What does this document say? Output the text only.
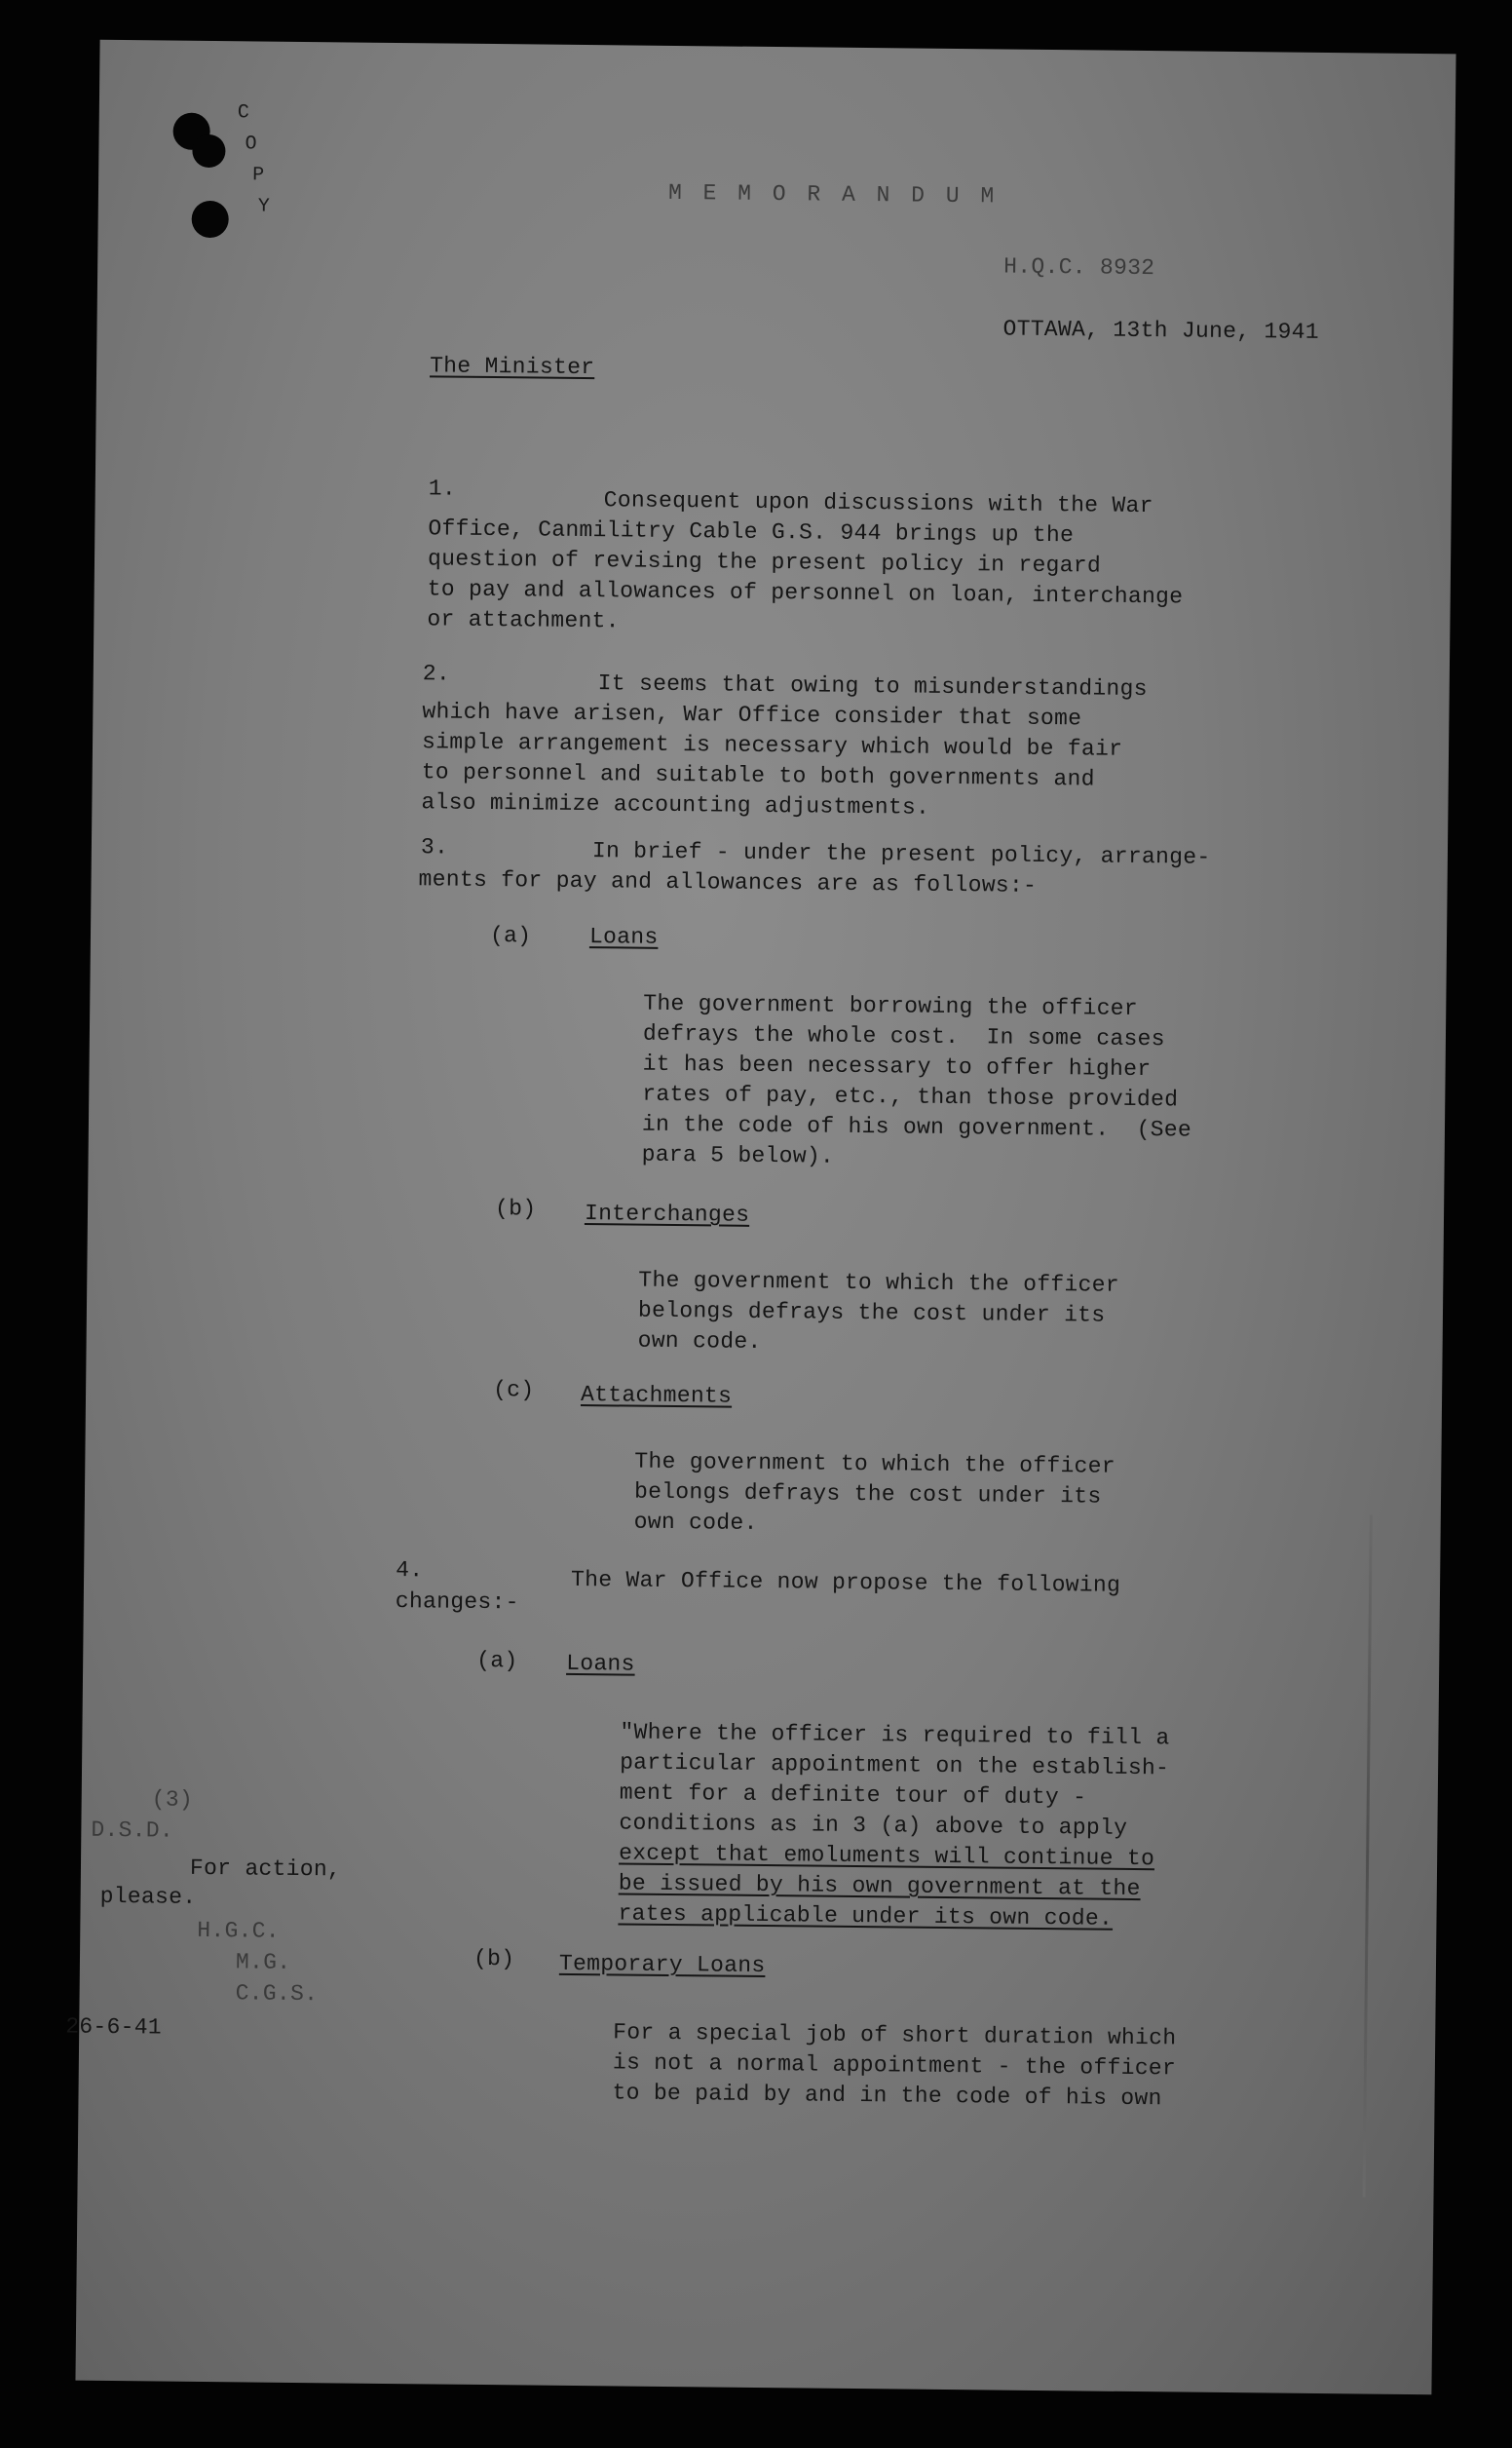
C
O
P
Y	M E M O R A N D U M
H.Q.C. 8932
OTTAWA, 13th June, 1941
The Minister
1.	Consequent upon discussions with the War
Office, Canmilitry Cable G.S. 944 brings up the
question of revising the present policy in regard
to pay and allowances of personnel on loan, interchange
or attachment.
2.	It seems that owing to misunderstandings
which have arisen, War Office consider that some
simple arrangement is necessary which would be fair
to personnel and suitable to both governments and
also minimize accounting adjustments.
3.	In brief - under the present policy, arrange-
ments for pay and allowances are as follows:-
(a)	Loans
The government borrowing the officer
defrays the whole cost.  In some cases
it has been necessary to offer higher
rates of pay, etc., than those provided
in the code of his own government.  (See
para 5 below).
(b) Interchanges
The government to which the officer
belongs defrays the cost under its
own code.
(c) Attachments
The government to which the officer
belongs defrays the cost under its
own code.
4.	The War Office now propose the following
changes:-
(a) Loans
"Where the officer is required to fill a
particular appointment on the establish-
ment for a definite tour of duty -
conditions as in 3 (a) above to apply
except that emoluments will continue to
be issued by his own government at the
rates applicable under its own code.
(b) Temporary Loans
For a special job of short duration which
is not a normal appointment - the officer
to be paid by and in the code of his own
(3)
D.S.D.
For action,
please.
H.G.C.
M.G.
C.G.S.
26-6-41
